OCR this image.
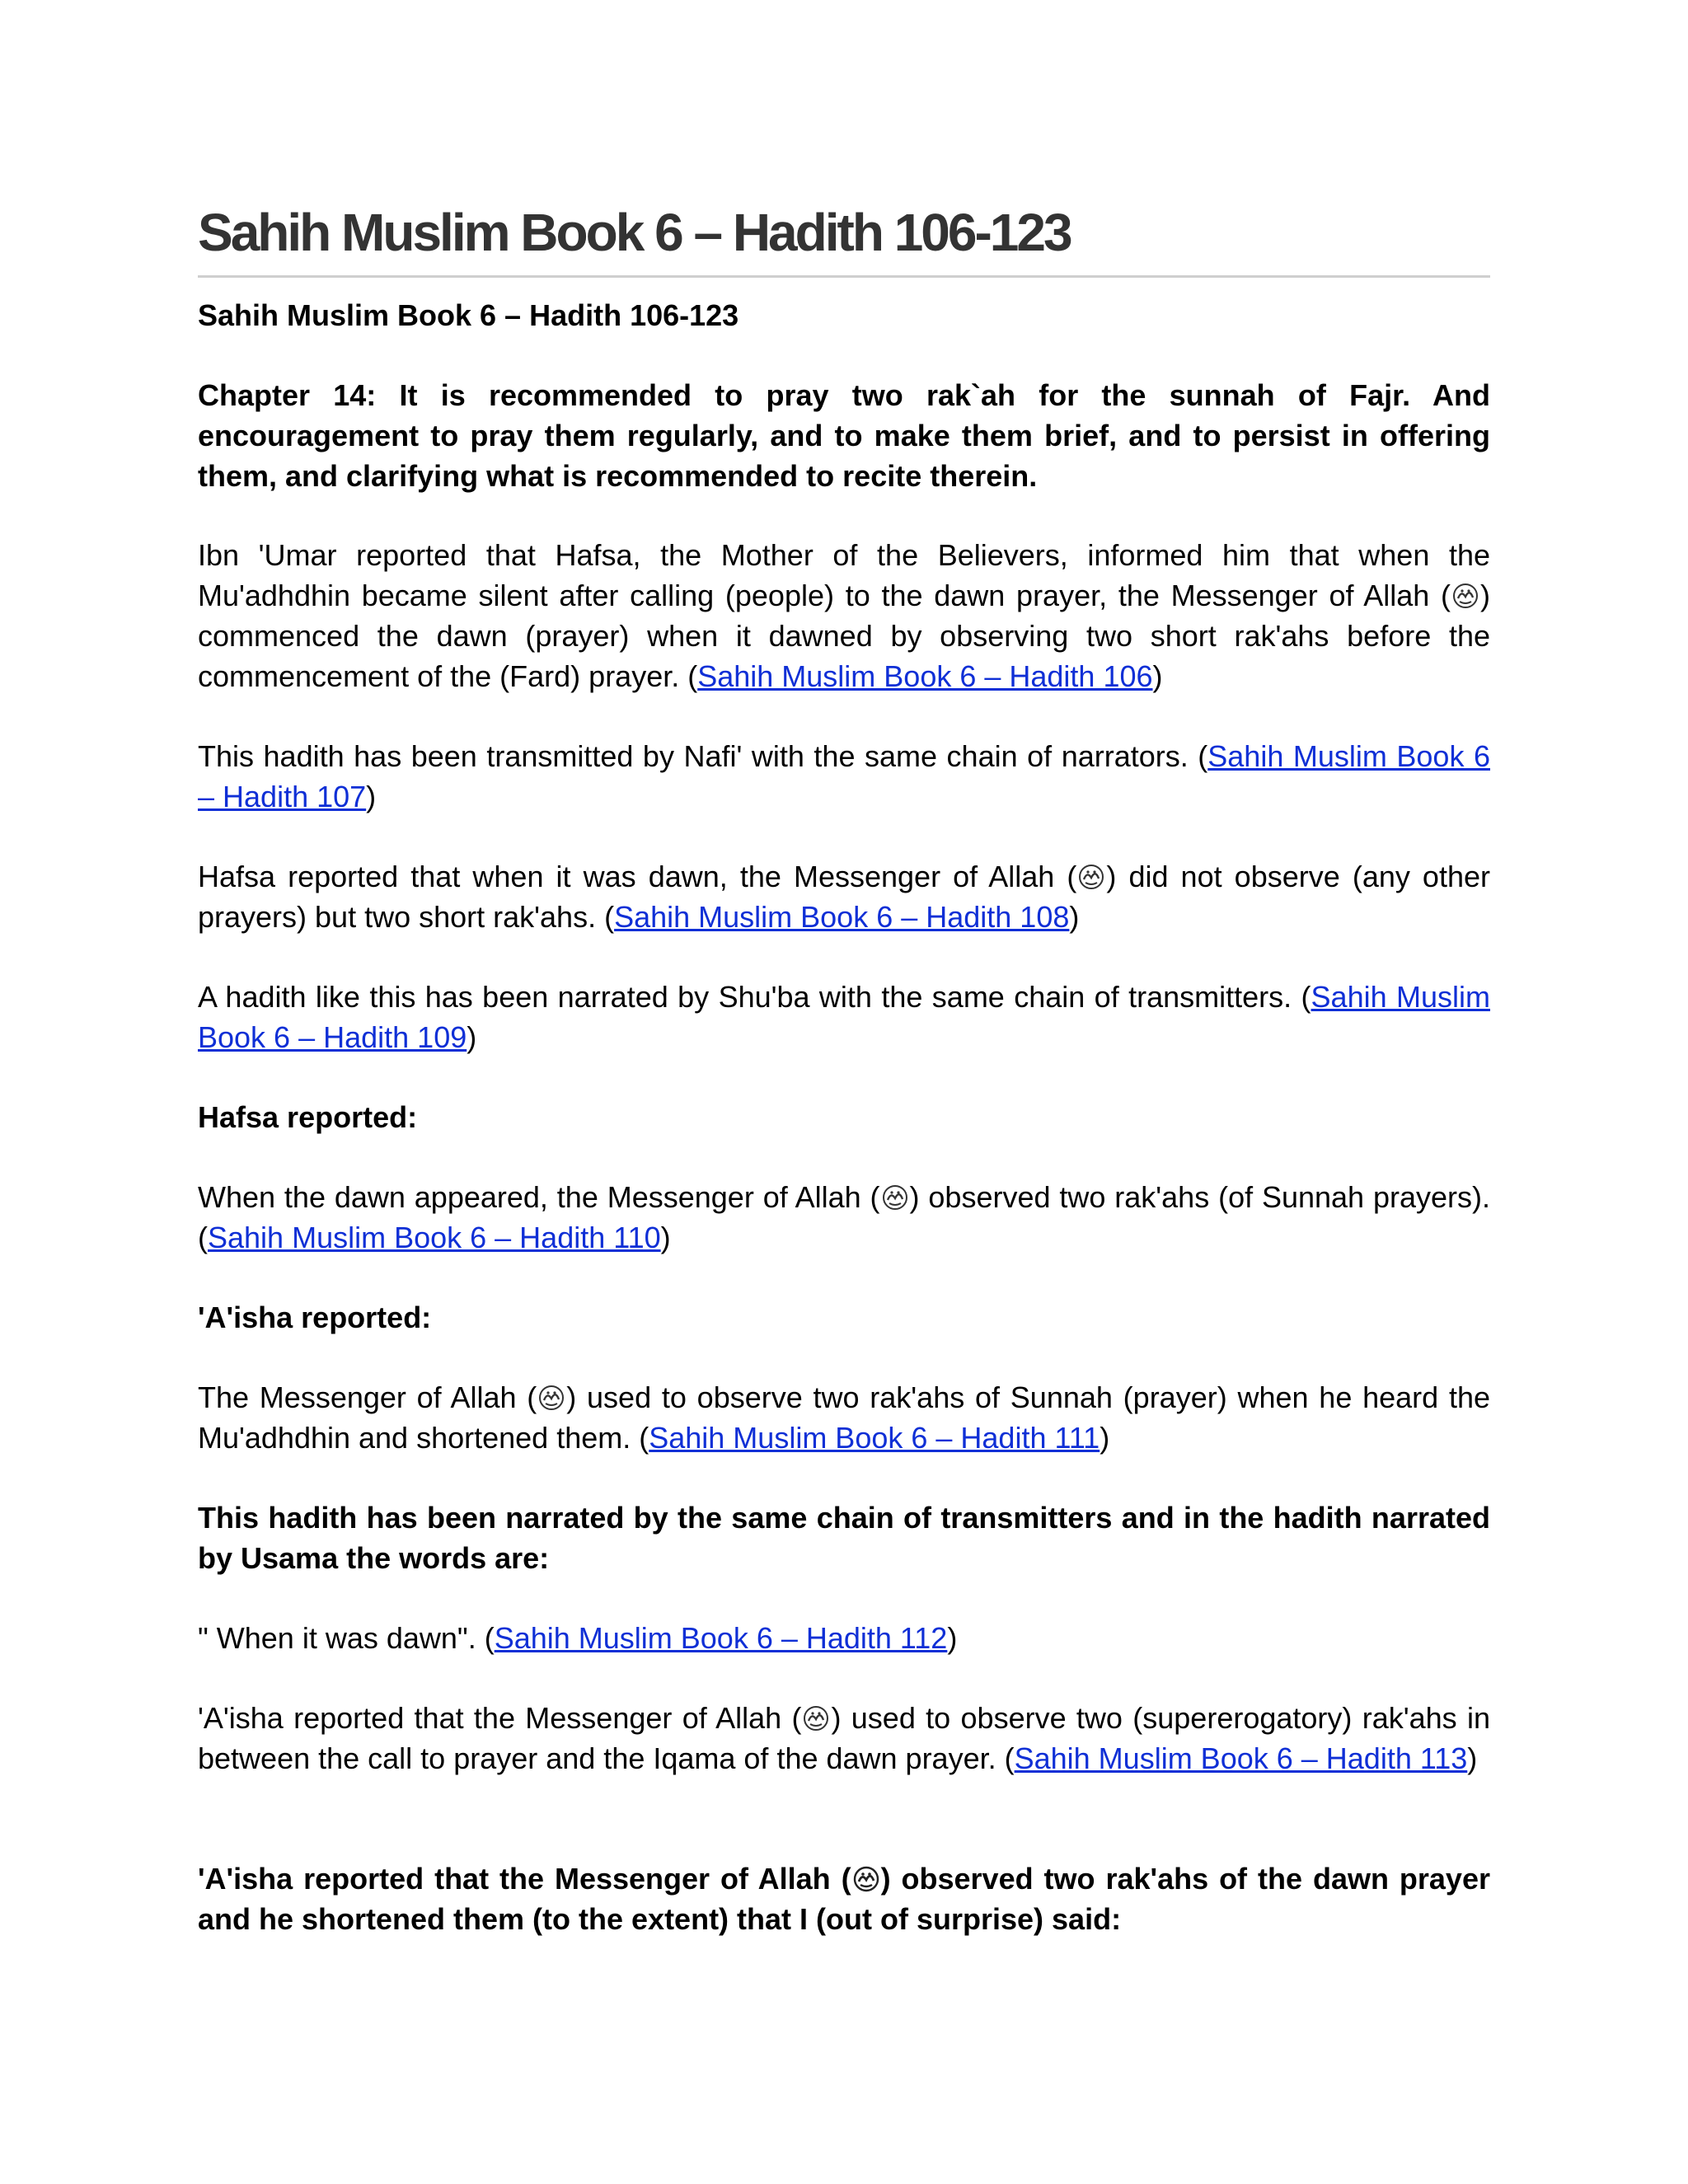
Sahih Muslim Book 6 – Hadith 106-123

Sahih Muslim Book 6 – Hadith 106-123

Chapter 14: It is recommended to pray two rak`ah for the sunnah of Fajr. And encouragement to pray them regularly, and to make them brief, and to persist in offering them, and clarifying what is recommended to recite therein.

Ibn 'Umar reported that Hafsa, the Mother of the Believers, informed him that when the Mu'adhdhin became silent after calling (people) to the dawn prayer, the Messenger of Allah ( ) commenced the dawn (prayer) when it dawned by observing two short rak'ahs before the commencement of the (Fard) prayer. (Sahih Muslim Book 6 – Hadith 106)

This hadith has been transmitted by Nafi' with the same chain of narrators. (Sahih Muslim Book 6 – Hadith 107)

Hafsa reported that when it was dawn, the Messenger of Allah ( ) did not observe (any other prayers) but two short rak'ahs. (Sahih Muslim Book 6 – Hadith 108)

A hadith like this has been narrated by Shu'ba with the same chain of transmitters. (Sahih Muslim Book 6 – Hadith 109)

Hafsa reported:

When the dawn appeared, the Messenger of Allah ( ) observed two rak'ahs (of Sunnah prayers). (Sahih Muslim Book 6 – Hadith 110)

'A'isha reported:

The Messenger of Allah ( ) used to observe two rak'ahs of Sunnah (prayer) when he heard the Mu'adhdhin and shortened them. (Sahih Muslim Book 6 – Hadith 111)

This hadith has been narrated by the same chain of transmitters and in the hadith narrated by Usama the words are:

" When it was dawn". (Sahih Muslim Book 6 – Hadith 112)

'A'isha reported that the Messenger of Allah ( ) used to observe two (supererogatory) rak'ahs in between the call to prayer and the Iqama of the dawn prayer. (Sahih Muslim Book 6 – Hadith 113)

'A'isha reported that the Messenger of Allah ( ) observed two rak'ahs of the dawn prayer and he shortened them (to the extent) that I (out of surprise) said:
